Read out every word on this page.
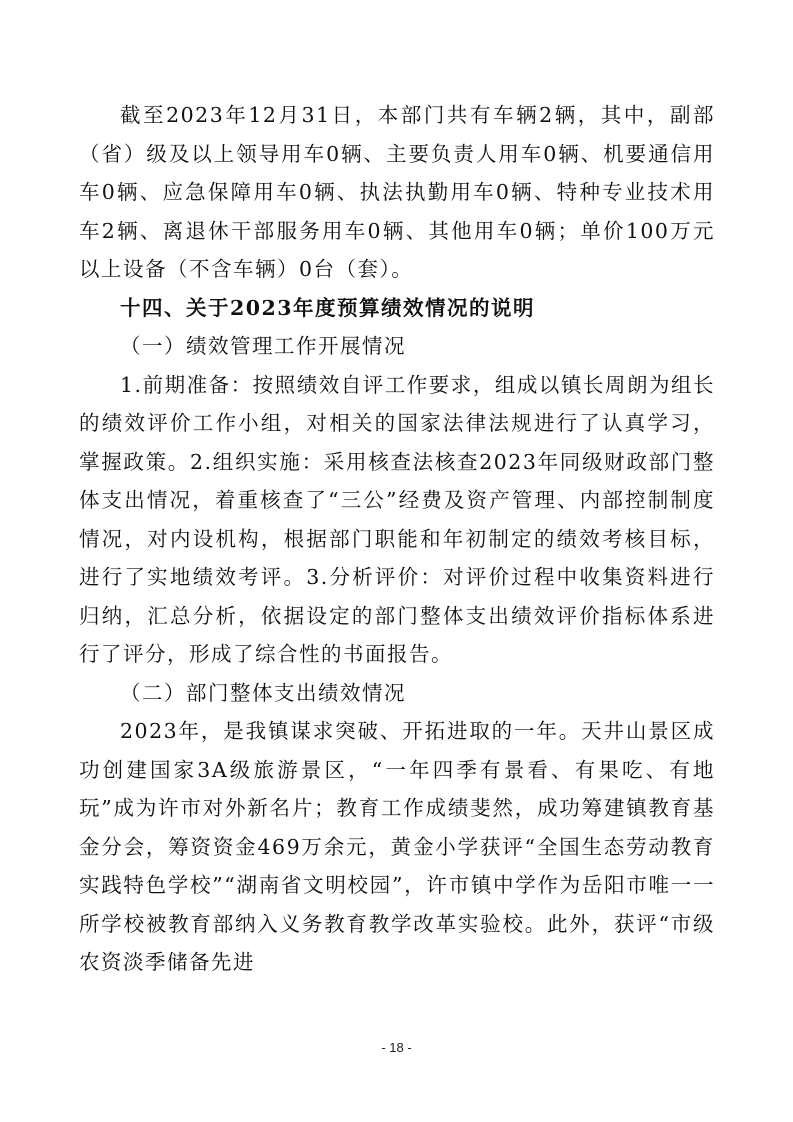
截至2023年12月31日，本部门共有车辆2辆，其中，副部（省）级及以上领导用车0辆、主要负责人用车0辆、机要通信用车0辆、应急保障用车0辆、执法执勤用车0辆、特种专业技术用车2辆、离退休干部服务用车0辆、其他用车0辆；单价100万元以上设备（不含车辆）0台（套）。

十四、关于2023年度预算绩效情况的说明

（一）绩效管理工作开展情况

1.前期准备：按照绩效自评工作要求，组成以镇长周朗为组长的绩效评价工作小组，对相关的国家法律法规进行了认真学习，掌握政策。2.组织实施：采用核查法核查2023年同级财政部门整体支出情况，着重核查了“三公”经费及资产管理、内部控制制度情况，对内设机构，根据部门职能和年初制定的绩效考核目标，进行了实地绩效考评。3.分析评价：对评价过程中收集资料进行归纳，汇总分析，依据设定的部门整体支出绩效评价指标体系进行了评分，形成了综合性的书面报告。

（二）部门整体支出绩效情况

2023年，是我镇谋求突破、开拓进取的一年。天井山景区成功创建国家3A级旅游景区，“一年四季有景看、有果吃、有地玩”成为许市对外新名片；教育工作成绩斐然，成功筹建镇教育基金分会，筹资资金469万余元，黄金小学获评“全国生态劳动教育实践特色学校”“湖南省文明校园”，许市镇中学作为岳阳市唯一一所学校被教育部纳入义务教育教学改革实验校。此外，获评“市级农资淡季储备先进

- 18 -
